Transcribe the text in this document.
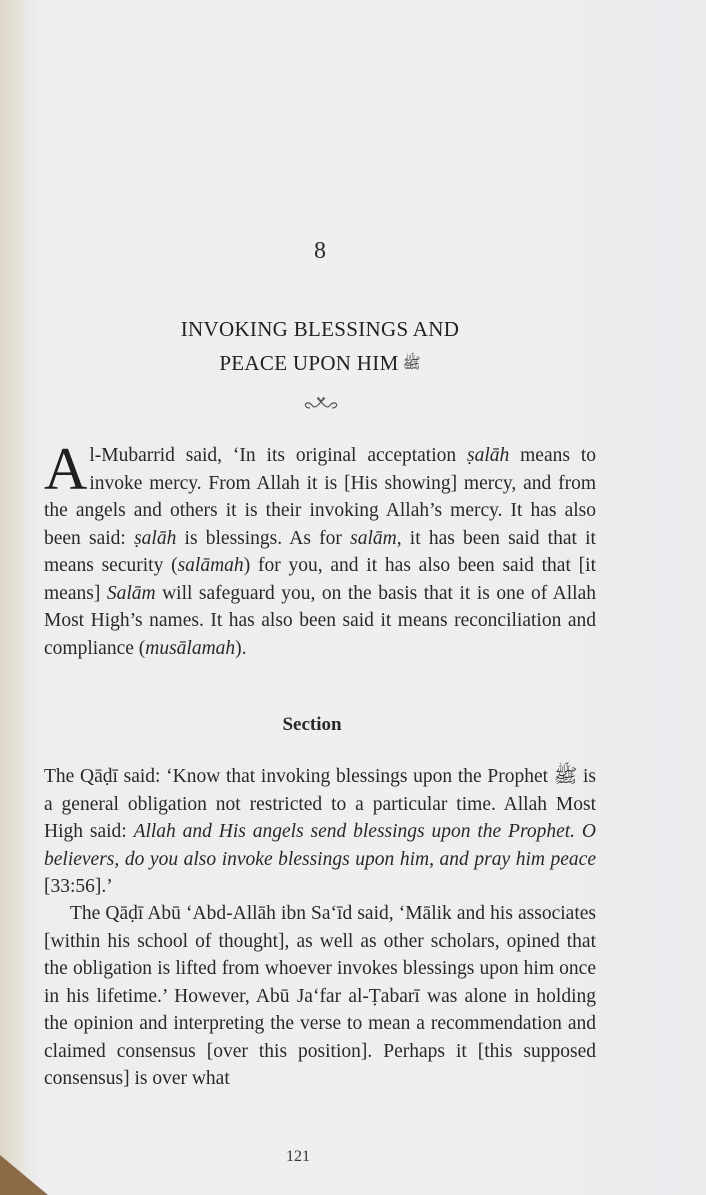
8
INVOKING BLESSINGS AND
PEACE UPON HIM ﷺ

Al-Mubarrid said, ‘In its original acceptation ṣalāh means to invoke mercy. From Allah it is [His showing] mercy, and from the angels and others it is their invoking Allah’s mercy. It has also been said: ṣalāh is blessings. As for salām, it has been said that it means security (salāmah) for you, and it has also been said that [it means] Salām will safeguard you, on the basis that it is one of Allah Most High’s names. It has also been said it means reconciliation and compliance (musālamah).

Section

The Qāḍī said: ‘Know that invoking blessings upon the Prophet ﷺ is a general obligation not restricted to a particular time. Allah Most High said: Allah and His angels send blessings upon the Prophet. O believers, do you also invoke blessings upon him, and pray him peace [33:56].’

The Qāḍī Abū ‘Abd-Allāh ibn Sa‘īd said, ‘Mālik and his associates [within his school of thought], as well as other scholars, opined that the obligation is lifted from whoever invokes blessings upon him once in his lifetime.’ However, Abū Ja‘far al-Ṭabarī was alone in holding the opinion and interpreting the verse to mean a recommendation and claimed consensus [over this position]. Perhaps it [this supposed consensus] is over what

121
